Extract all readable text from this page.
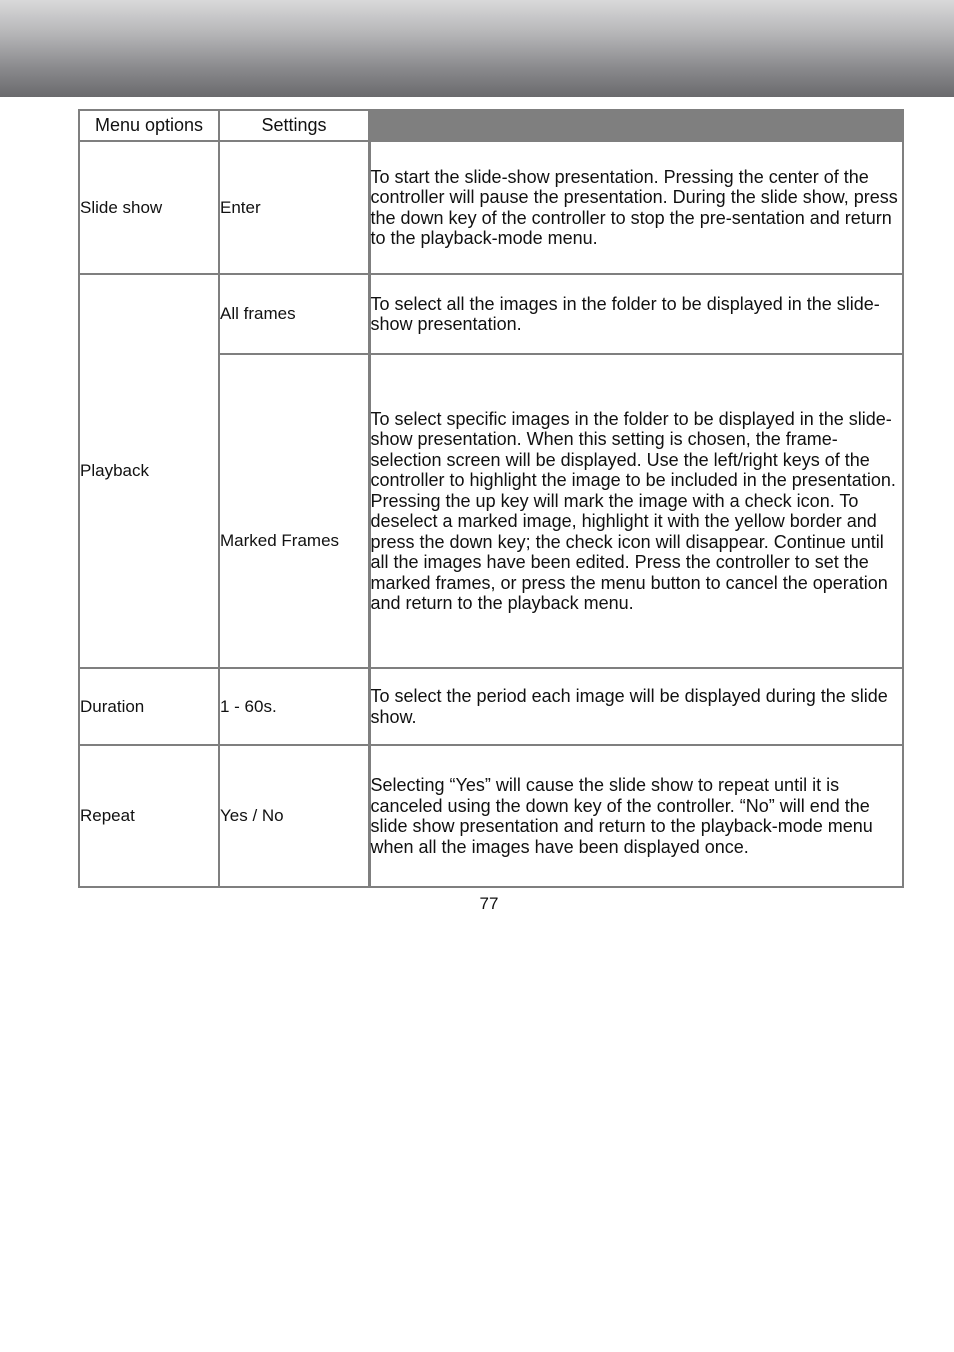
Menu options	Settings	
Slide show	Enter	To start the slide-show presentation. Pressing the center of the controller will pause the presentation. During the slide show, press the down key of the controller to stop the pre-sentation and return to the playback-mode menu.
Playback	All frames	To select all the images in the folder to be displayed in the slide-show presentation.
	Marked Frames	To select specific images in the folder to be displayed in the slide-show presentation. When this setting is chosen, the frame-selection screen will be displayed. Use the left/right keys of the controller to highlight the image to be included in the presentation. Pressing the up key will mark the image with a check icon. To deselect a marked image, highlight it with the yellow border and press the down key; the check icon will disappear. Continue until all the images have been edited. Press the controller to set the marked frames, or press the menu button to cancel the operation and return to the playback menu.
Duration	1 - 60s.	To select the period each image will be displayed during the slide show.
Repeat	Yes / No	Selecting “Yes” will cause the slide show to repeat until it is canceled using the down key of the controller. “No” will end the slide show presentation and return to the playback-mode menu when all the images have been displayed once.
77
